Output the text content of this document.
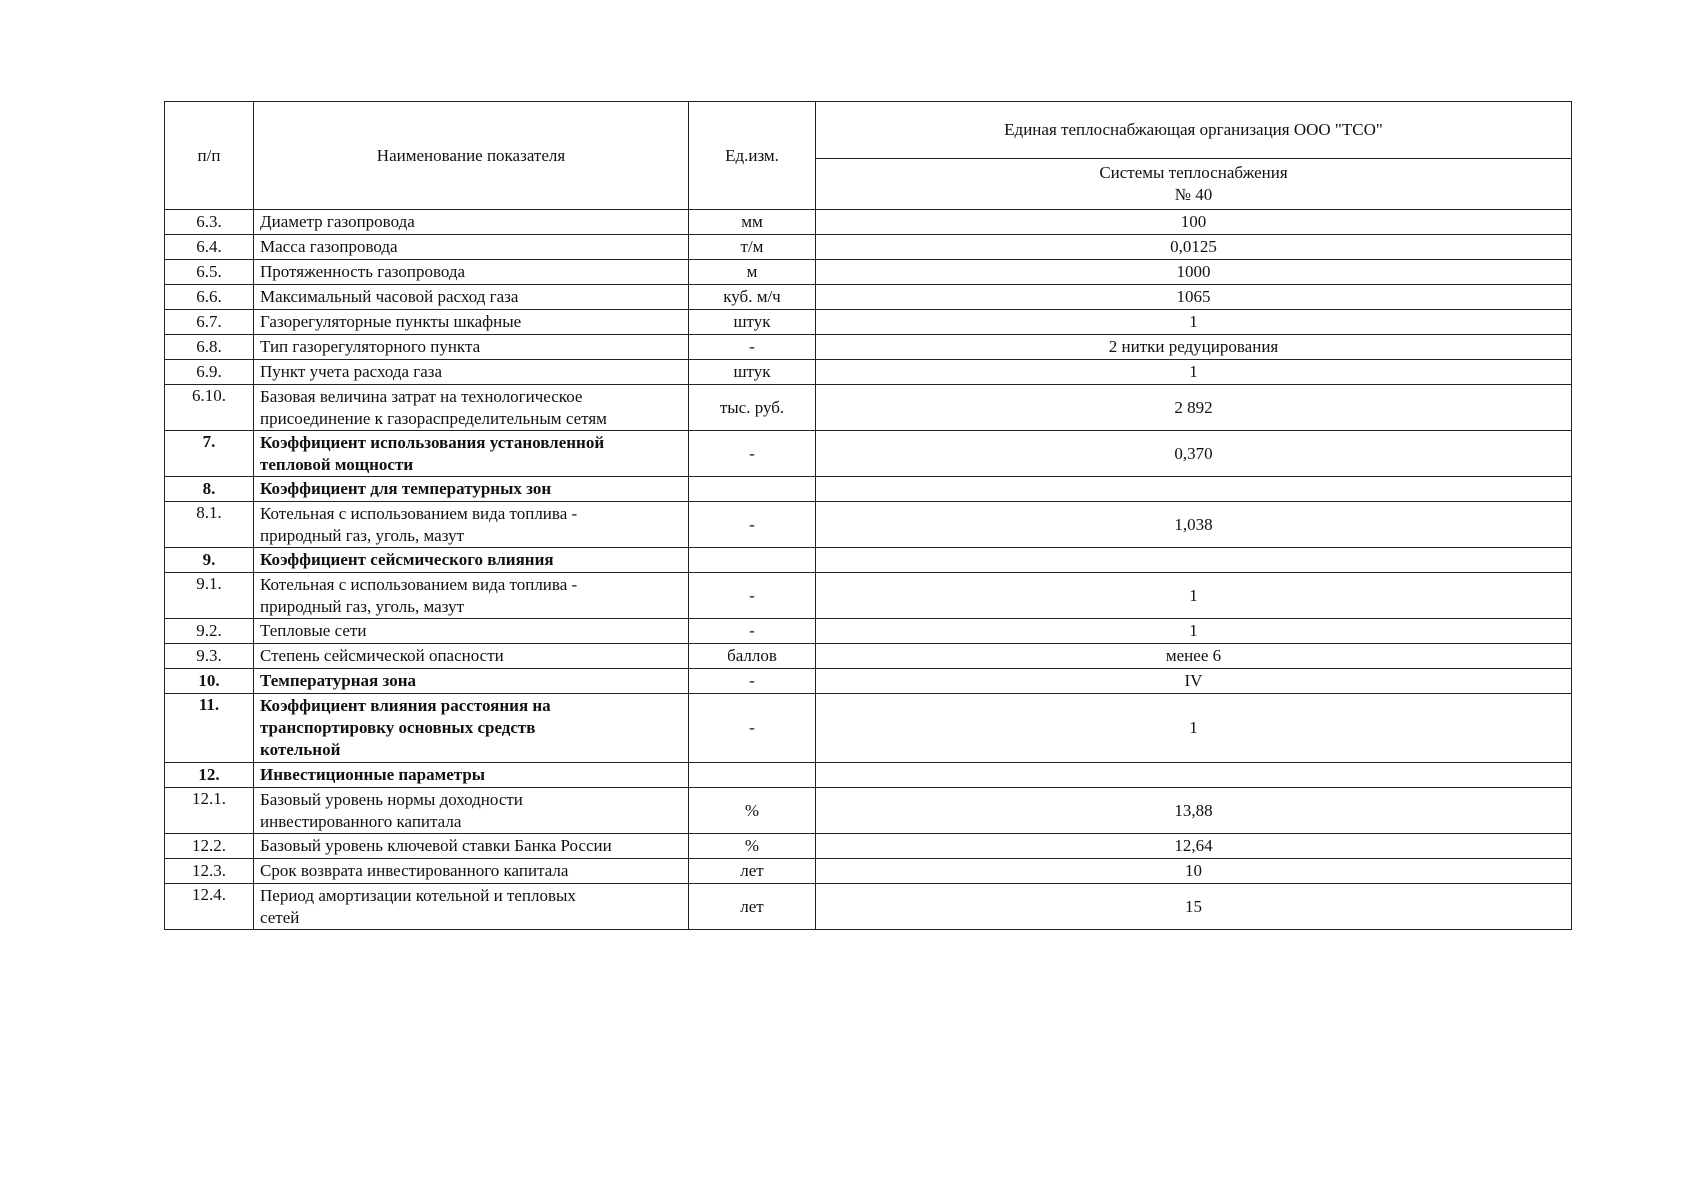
п/п	Наименование показателя	Ед.изм.	Единая теплоснабжающая организация ООО "ТСО"

			Системы теплоснабжения
№ 40

6.3.	Диаметр газопровода	мм	100
6.4.	Масса газопровода	т/м	0,0125
6.5.	Протяженность газопровода	м	1000
6.6.	Максимальный часовой расход газа	куб. м/ч	1065
6.7.	Газорегуляторные пункты шкафные	штук	1
6.8.	Тип газорегуляторного пункта	-	2 нитки редуцирования
6.9.	Пункт учета расхода газа	штук	1
6.10.	Базовая величина затрат на технологическое
присоединение к газораспределительным сетям	тыс. руб.	2 892
7.	Коэффициент использования установленной
тепловой мощности	-	0,370
8.	Коэффициент для температурных зон		

8.1.	Котельная с использованием вида топлива -
природный газ, уголь, мазут	-	1,038
9.	Коэффициент сейсмического влияния		

9.1.	Котельная с использованием вида топлива -
природный газ, уголь, мазут	-	1
9.2.	Тепловые сети	-	1
9.3.	Степень сейсмической опасности	баллов	менее 6
10.	Температурная зона	-	IV
11.	Коэффициент влияния расстояния на
транспортировку основных средств
котельной	-	1
12.	Инвестиционные параметры		

12.1.	Базовый уровень нормы доходности
инвестированного капитала	%	13,88
12.2.	Базовый уровень ключевой ставки Банка России	%	12,64
12.3.	Срок возврата инвестированного капитала	лет	10
12.4.	Период амортизации котельной и тепловых
сетей	лет	15
